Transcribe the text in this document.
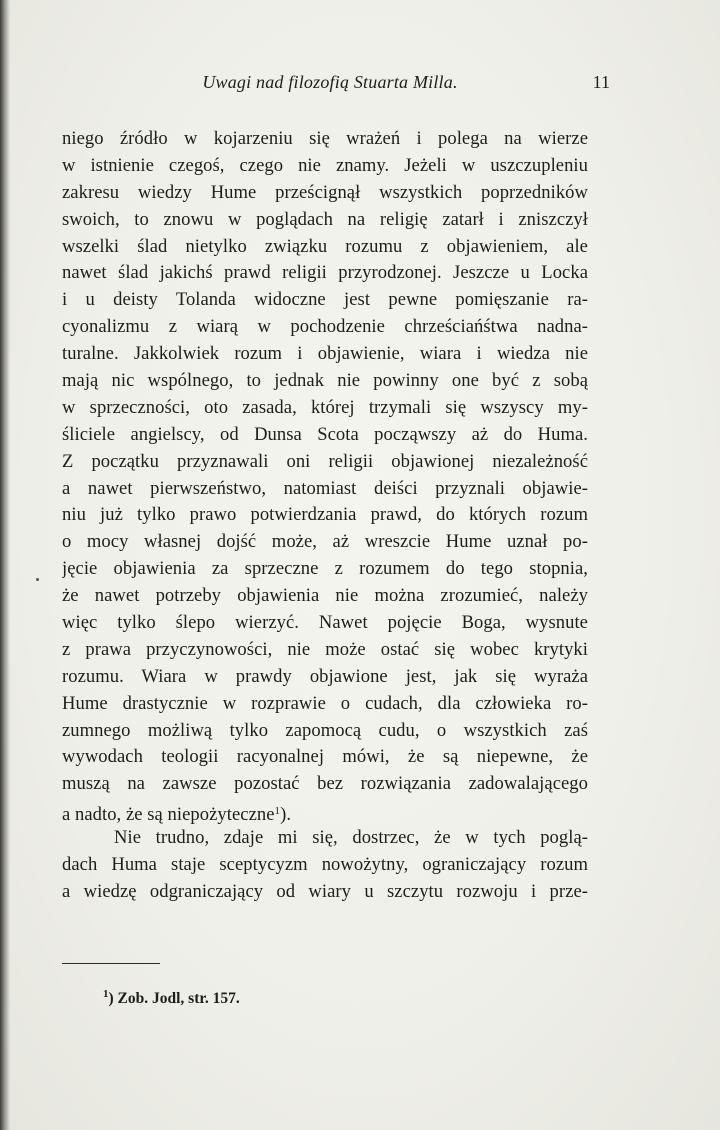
Uwagi nad filozofią Stuarta Milla.	11
niego źródło w kojarzeniu się wrażeń i polega na wierze
w istnienie czegoś, czego nie znamy. Jeżeli w uszczupleniu
zakresu wiedzy Hume prześcignął wszystkich poprzedników
swoich, to znowu w poglądach na religię zatarł i zniszczył
wszelki ślad nietylko związku rozumu z objawieniem, ale
nawet ślad jakichś prawd religii przyrodzonej. Jeszcze u Locka
i u deisty Tolanda widoczne jest pewne pomięszanie ra-
cyonalizmu z wiarą w pochodzenie chrześciańśtwa nadna-
turalne. Jakkolwiek rozum i objawienie, wiara i wiedza nie
mają nic wspólnego, to jednak nie powinny one być z sobą
w sprzeczności, oto zasada, której trzymali się wszyscy my-
śliciele angielscy, od Dunsa Scota począwszy aż do Huma.
Z początku przyznawali oni religii objawionej niezależność
a nawet pierwszeństwo, natomiast deiści przyznali objawie-
niu już tylko prawo potwierdzania prawd, do których rozum
o mocy własnej dojść może, aż wreszcie Hume uznał po-
jęcie objawienia za sprzeczne z rozumem do tego stopnia,
że nawet potrzeby objawienia nie można zrozumieć, należy
więc tylko ślepo wierzyć. Nawet pojęcie Boga, wysnute
z prawa przyczynowości, nie może ostać się wobec krytyki
rozumu. Wiara w prawdy objawione jest, jak się wyraża
Hume drastycznie w rozprawie o cudach, dla człowieka ro-
zumnego możliwą tylko zapomocą cudu, o wszystkich zaś
wywodach teologii racyonalnej mówi, że są niepewne, że
muszą na zawsze pozostać bez rozwiązania zadowalającego
a nadto, że są niepożyteczne$^1$).
Nie trudno, zdaje mi się, dostrzec, że w tych poglą-
dach Huma staje sceptycyzm nowożytny, ograniczający rozum
a wiedzę odgraniczający od wiary u szczytu rozwoju i prze-
$^1$) Zob. Jodl, str. 157.
